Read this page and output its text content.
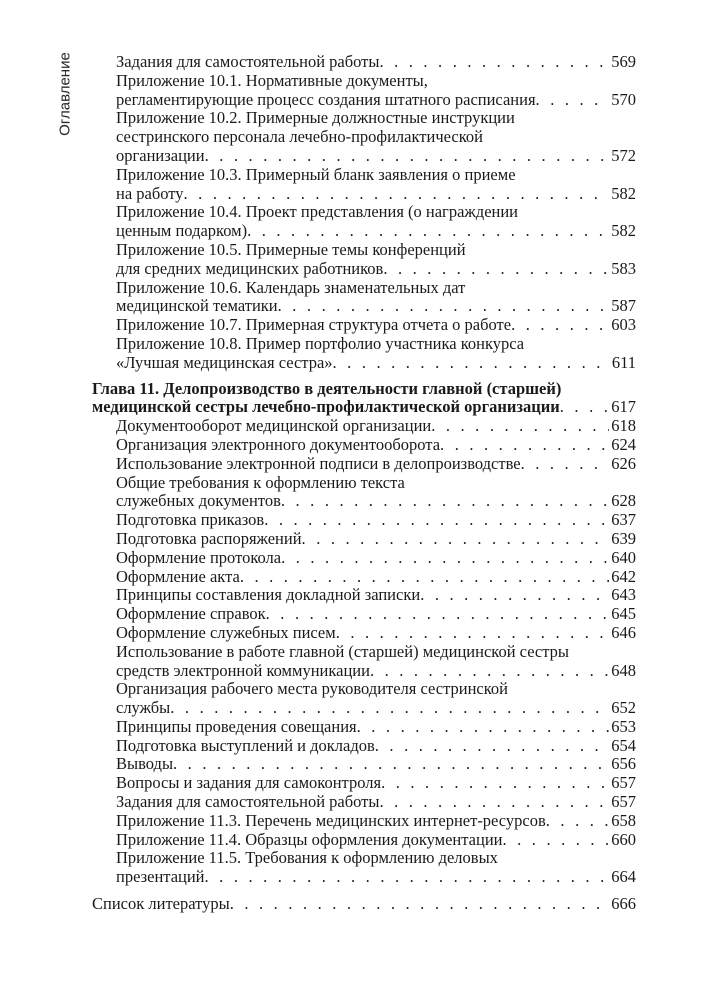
Оглавление	Задания для самостоятельной работы . . .	569
Приложение 10.1. Нормативные документы,
регламентирующие процесс создания штатного расписания . . .	570
Приложение 10.2. Примерные должностные инструкции
сестринского персонала лечебно-профилактической
организации . . .	572
Приложение 10.3. Примерный бланк заявления о приеме
на работу . . .	582
Приложение 10.4. Проект представления (о награждении
ценным подарком) . . .	582
Приложение 10.5. Примерные темы конференций
для средних медицинских работников . . .	583
Приложение 10.6. Календарь знаменательных дат
медицинской тематики . . .	587
Приложение 10.7. Примерная структура отчета о работе . . .	603
Приложение 10.8. Пример портфолио участника конкурса
«Лучшая медицинская сестра» . . .	611
Глава 11. Делопроизводство в деятельности главной (старшей)
медицинской сестры лечебно-профилактической организации . . .	617
Документооборот медицинской организации . . .	618
Организация электронного документооборота . . .	624
Использование электронной подписи в делопроизводстве . . .	626
Общие требования к оформлению текста
служебных документов . . .	628
Подготовка приказов . . .	637
Подготовка распоряжений . . .	639
Оформление протокола . . .	640
Оформление акта . . .	642
Принципы составления докладной записки . . .	643
Оформление справок . . .	645
Оформление служебных писем . . .	646
Использование в работе главной (старшей) медицинской сестры
средств электронной коммуникации . . .	648
Организация рабочего места руководителя сестринской
службы . . .	652
Принципы проведения совещания . . .	653
Подготовка выступлений и докладов . . .	654
Выводы . . .	656
Вопросы и задания для самоконтроля . . .	657
Задания для самостоятельной работы . . .	657
Приложение 11.3. Перечень медицинских интернет-ресурсов . . .	658
Приложение 11.4. Образцы оформления документации . . .	660
Приложение 11.5. Требования к оформлению деловых
презентаций . . .	664
Список литературы . . .	666
